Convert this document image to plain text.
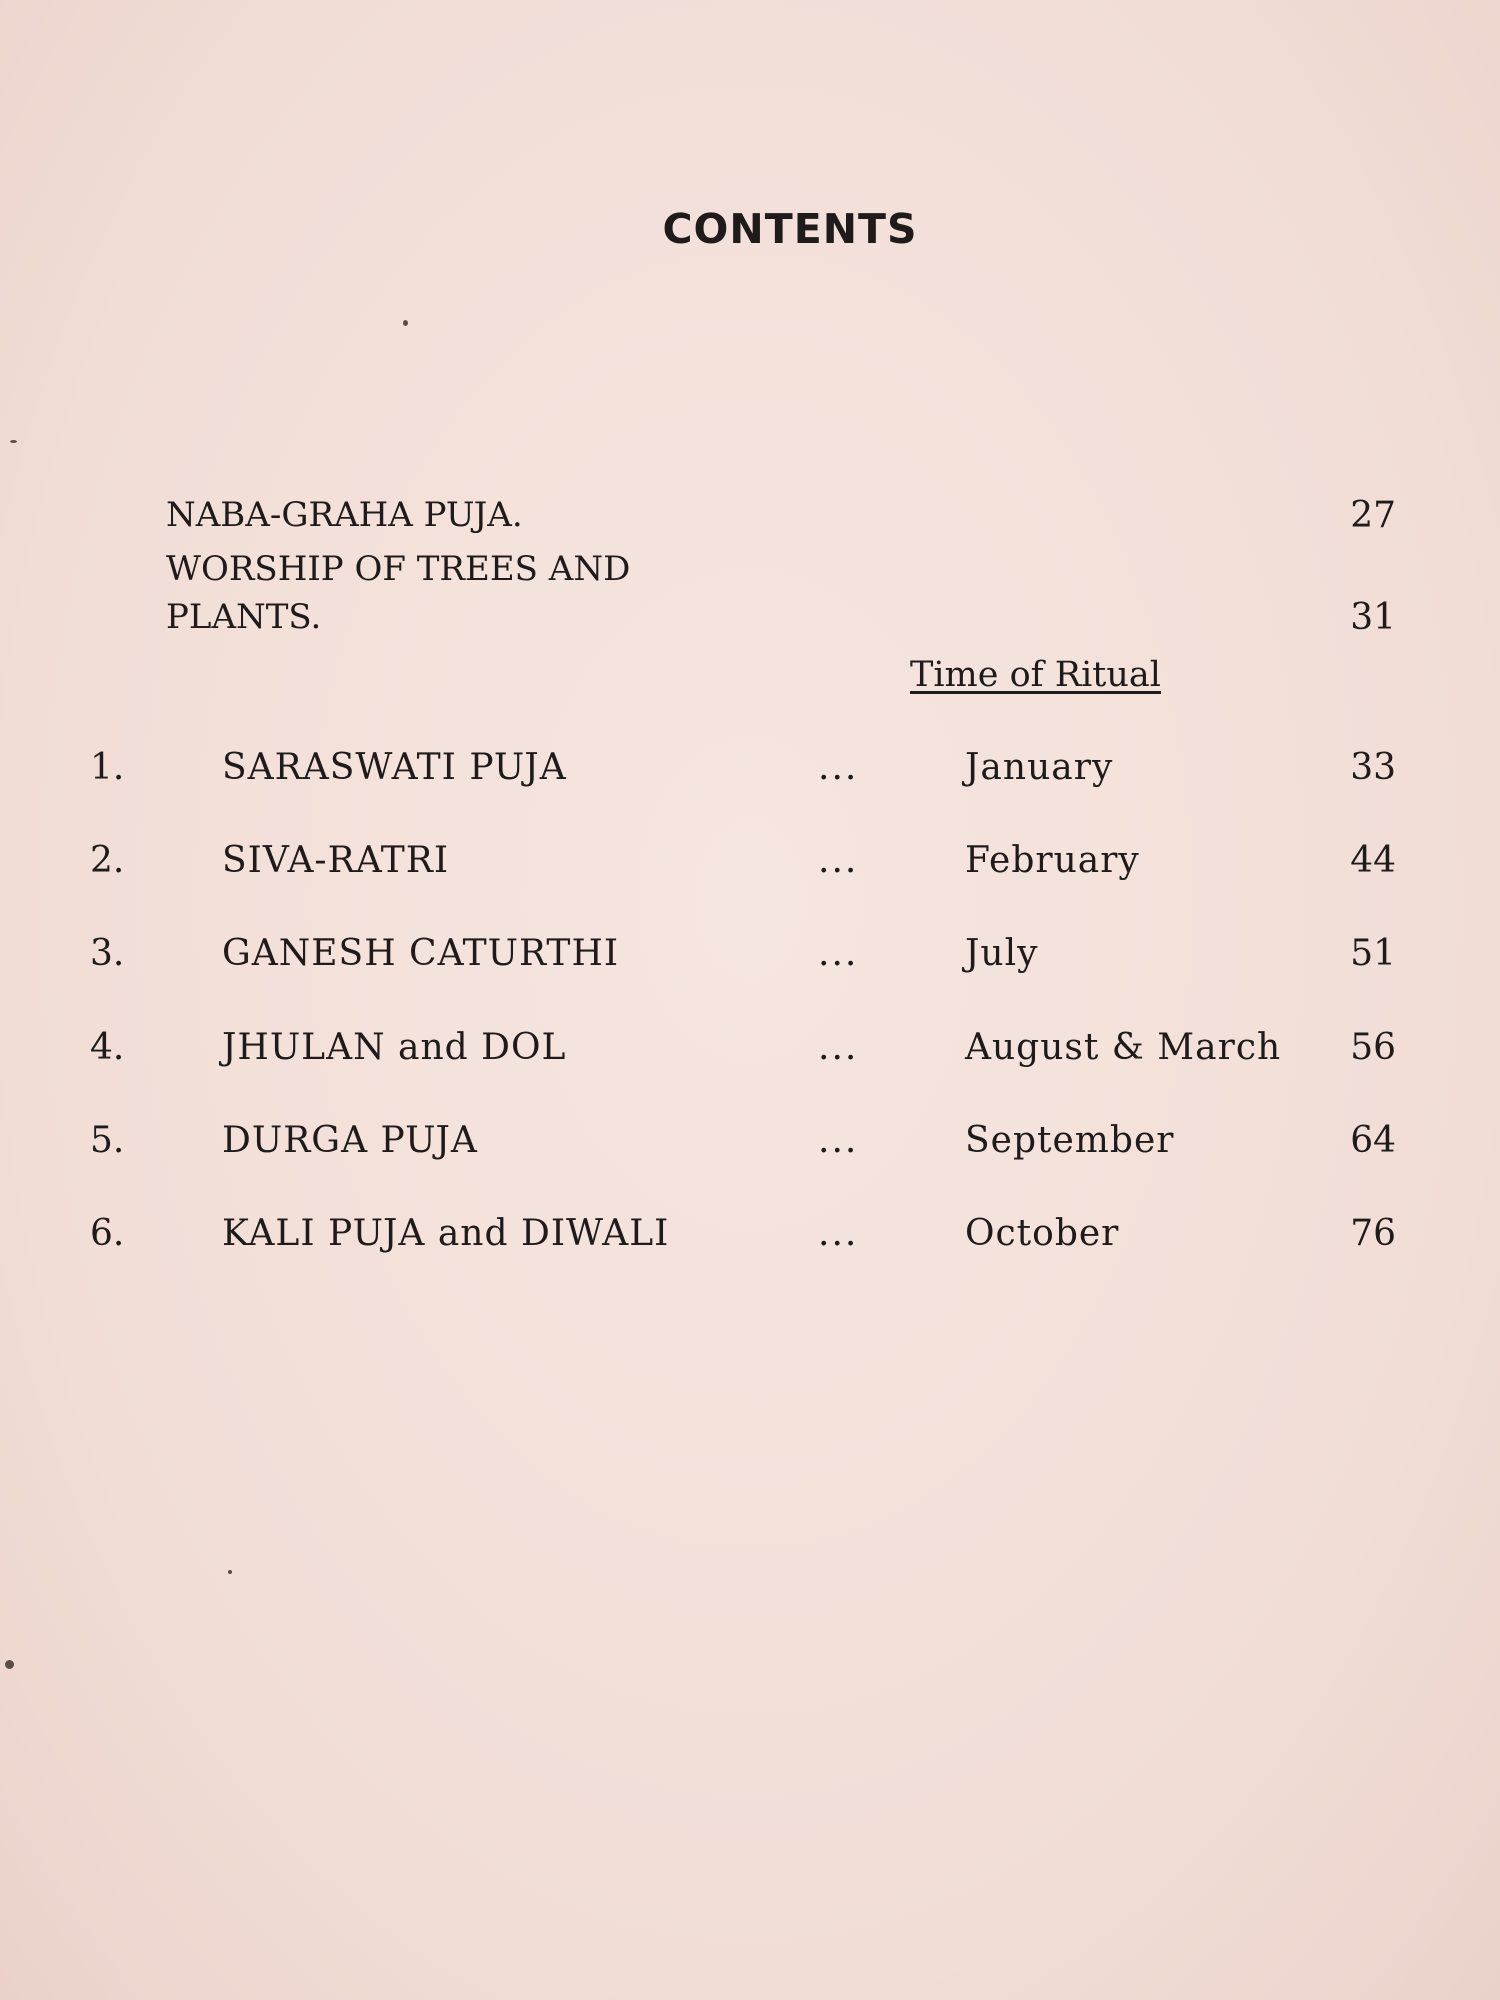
CONTENTS
NABA-GRAHA PUJA.	27
WORSHIP OF TREES AND
PLANTS.	31
Time of Ritual
1.	SARASWATI PUJA	...	January	33
2.	SIVA-RATRI	...	February	44
3.	GANESH CATURTHI	...	July	51
4.	JHULAN and DOL	...	August & March	56
5.	DURGA PUJA	...	September	64
6.	KALI PUJA and DIWALI	...	October	76
